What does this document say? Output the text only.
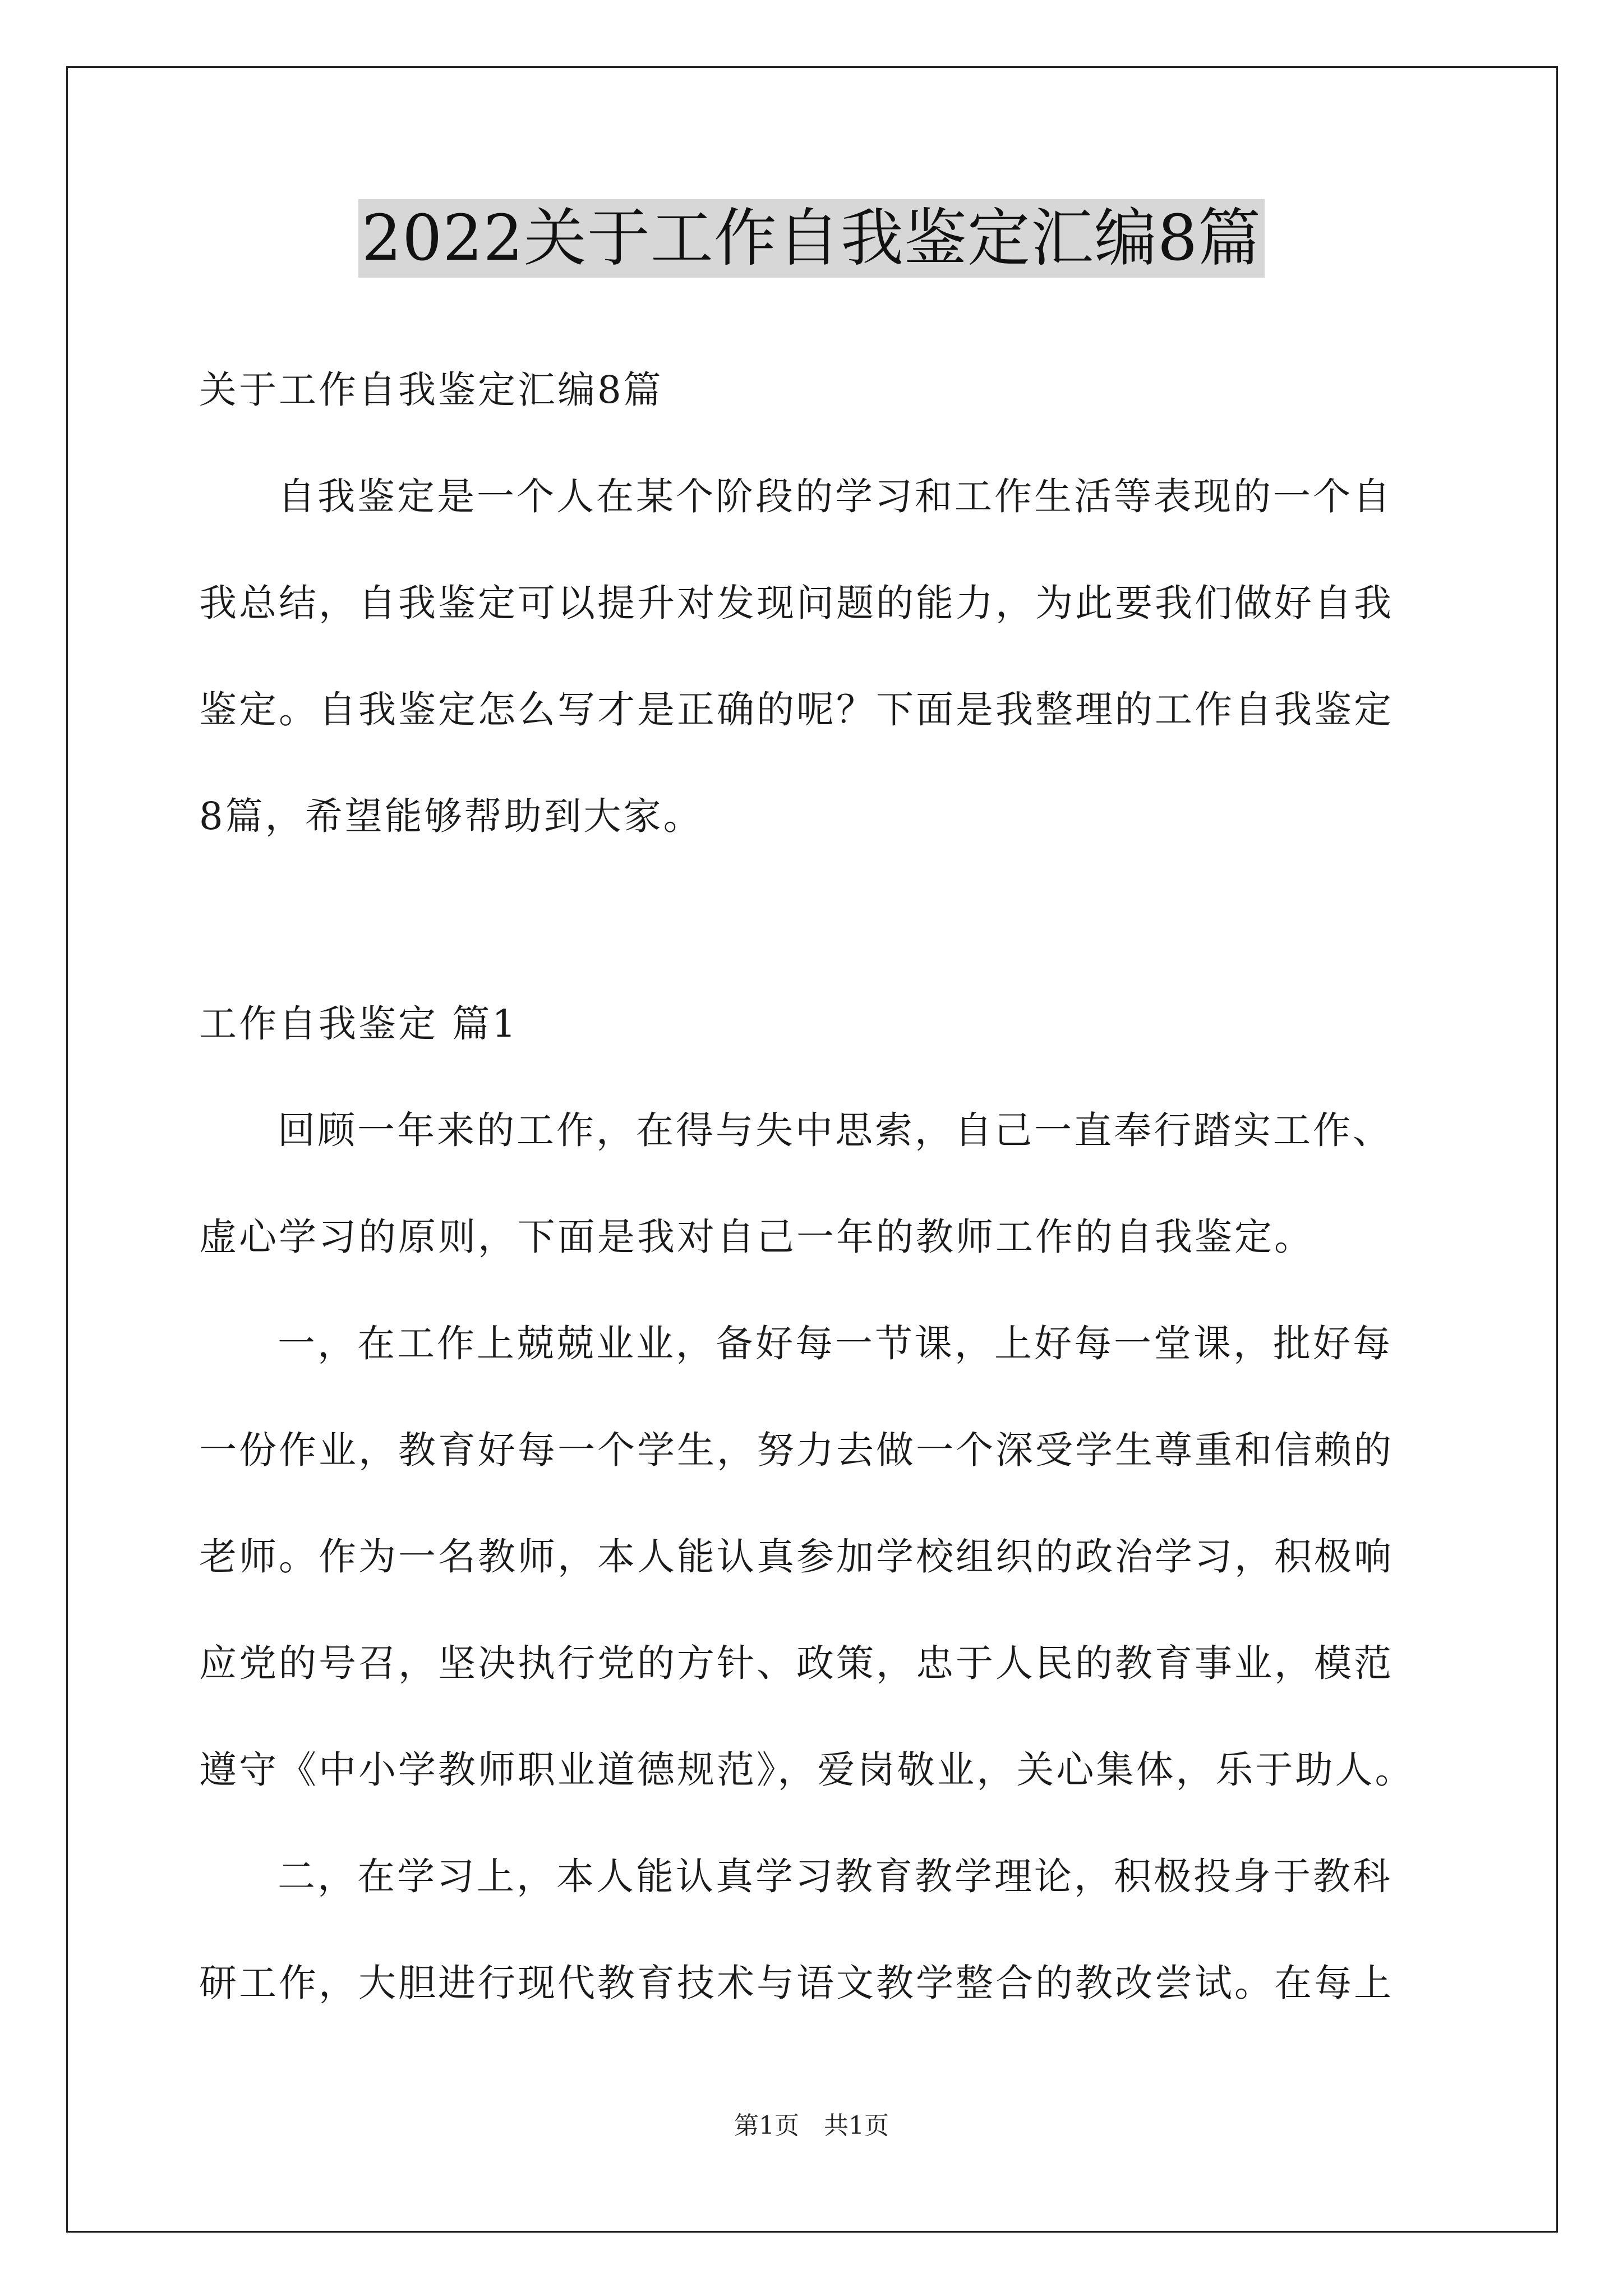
2022关于工作自我鉴定汇编8篇
关于工作自我鉴定汇编8篇
自我鉴定是一个人在某个阶段的学习和工作生活等表现的一个自
我总结，自我鉴定可以提升对发现问题的能力，为此要我们做好自我
鉴定。自我鉴定怎么写才是正确的呢？下面是我整理的工作自我鉴定
8篇，希望能够帮助到大家。
工作自我鉴定 篇1
回顾一年来的工作，在得与失中思索，自己一直奉行踏实工作、
虚心学习的原则，下面是我对自己一年的教师工作的自我鉴定。
一，在工作上兢兢业业，备好每一节课，上好每一堂课，批好每
一份作业，教育好每一个学生，努力去做一个深受学生尊重和信赖的
老师。作为一名教师，本人能认真参加学校组织的政治学习，积极响
应党的号召，坚决执行党的方针、政策，忠于人民的教育事业，模范
遵守《中小学教师职业道德规范》，爱岗敬业，关心集体，乐于助人。
二，在学习上，本人能认真学习教育教学理论，积极投身于教科
研工作，大胆进行现代教育技术与语文教学整合的教改尝试。在每上
第1页　共1页
